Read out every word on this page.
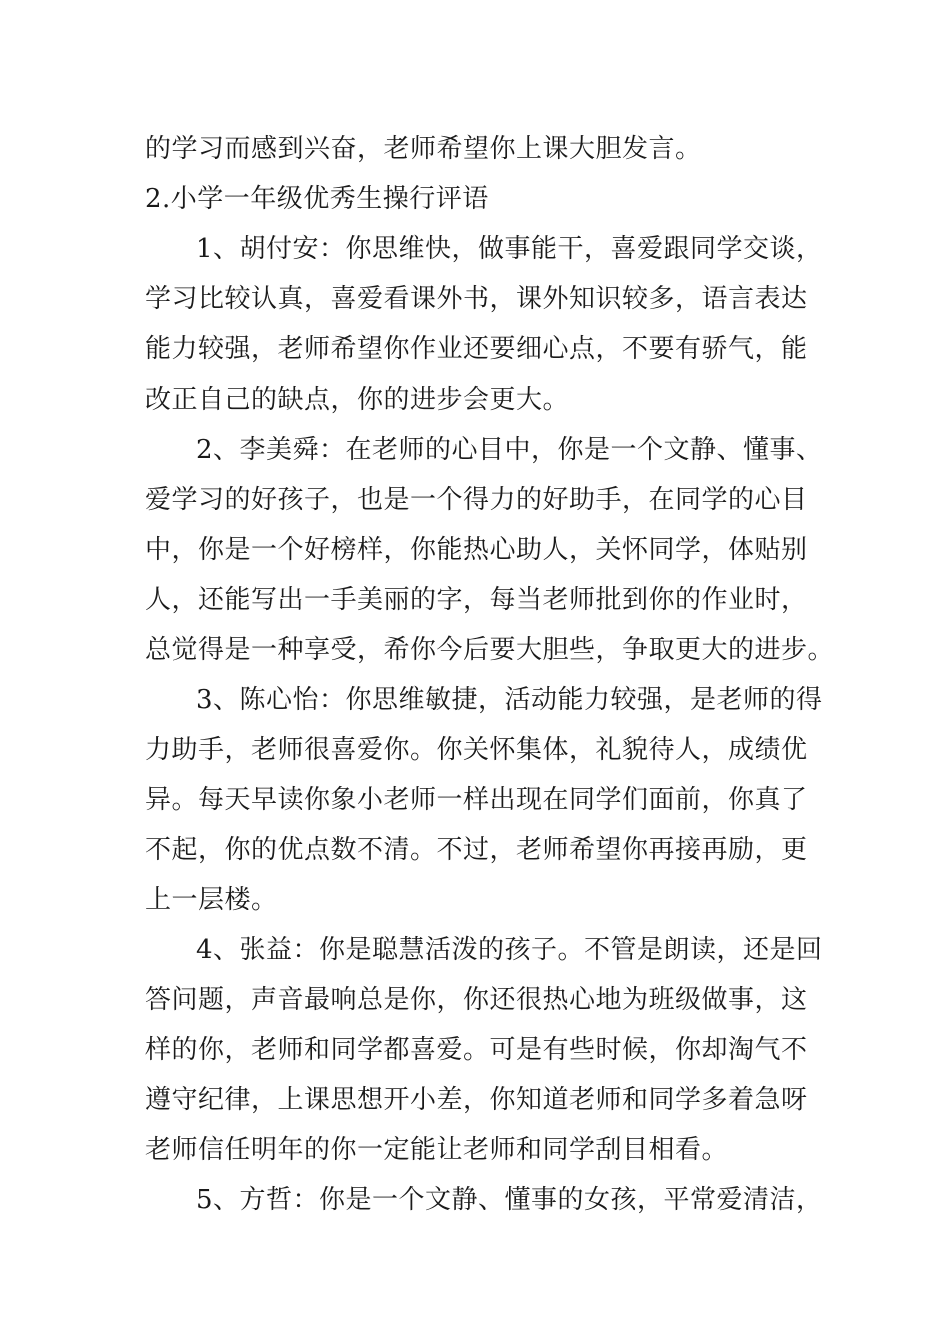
的学习而感到兴奋，老师希望你上课大胆发言。
2.小学一年级优秀生操行评语
1、胡付安：你思维快，做事能干，喜爱跟同学交谈，
学习比较认真，喜爱看课外书，课外知识较多，语言表达
能力较强，老师希望你作业还要细心点，不要有骄气，能
改正自己的缺点，你的进步会更大。
2、李美舜：在老师的心目中，你是一个文静、懂事、
爱学习的好孩子，也是一个得力的好助手，在同学的心目
中，你是一个好榜样，你能热心助人，关怀同学，体贴别
人，还能写出一手美丽的字，每当老师批到你的作业时，
总觉得是一种享受，希你今后要大胆些，争取更大的进步。
3、陈心怡：你思维敏捷，活动能力较强，是老师的得
力助手，老师很喜爱你。你关怀集体，礼貌待人，成绩优
异。每天早读你象小老师一样出现在同学们面前，你真了
不起，你的优点数不清。不过，老师希望你再接再励，更
上一层楼。
4、张益：你是聪慧活泼的孩子。不管是朗读，还是回
答问题，声音最响总是你，你还很热心地为班级做事，这
样的你，老师和同学都喜爱。可是有些时候，你却淘气不
遵守纪律，上课思想开小差，你知道老师和同学多着急呀
老师信任明年的你一定能让老师和同学刮目相看。
5、方哲：你是一个文静、懂事的女孩，平常爱清洁，
